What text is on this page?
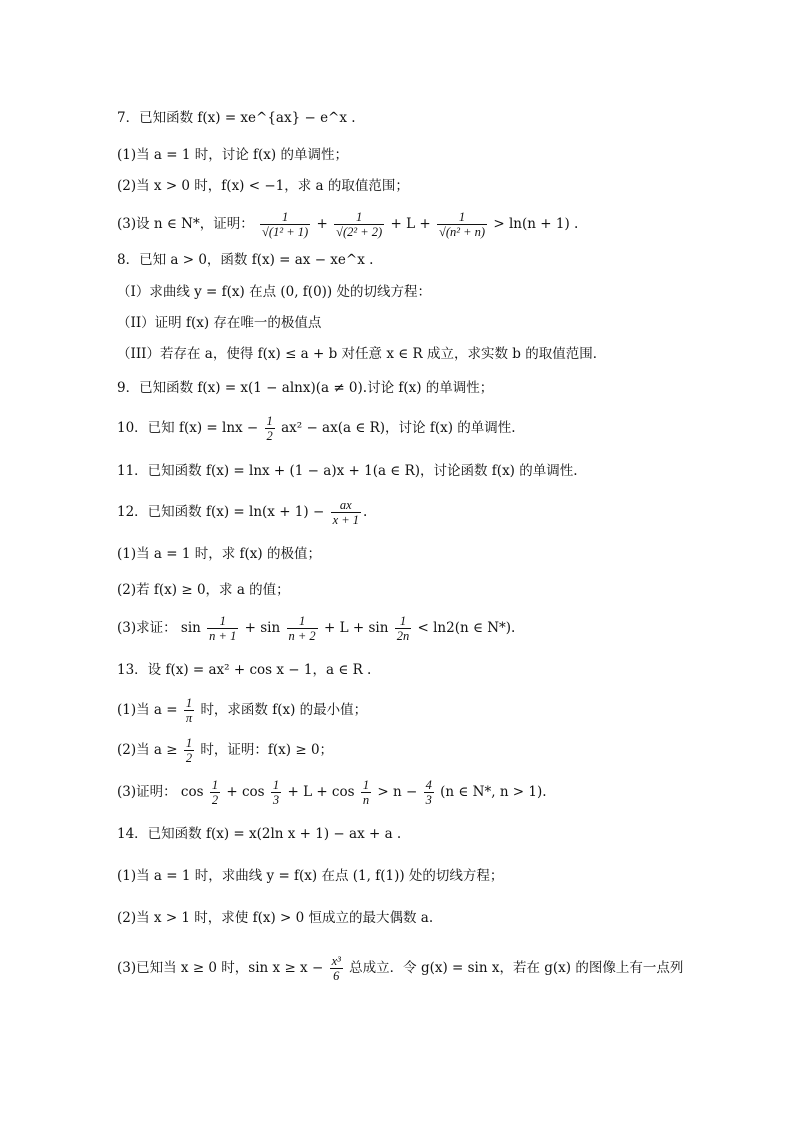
7．已知函数 f(x) = xe^{ax} − e^x .
(1)当 a = 1 时，讨论 f(x) 的单调性；
(2)当 x > 0 时，f(x) < −1，求 a 的取值范围；
(3)设 n ∈ N*，证明： $\frac{1}{\text{√(1² + 1)}} + \frac{1}{\text{√(2² + 2)}} + L + \frac{1}{\text{√(n² + n)}} > \ln(n + 1)$ .
8．已知 a > 0，函数 f(x) = ax − xe^x .
（I）求曲线 y = f(x) 在点 (0, f(0)) 处的切线方程：
（II）证明 f(x) 存在唯一的极值点
（III）若存在 a，使得 f(x) ≤ a + b 对任意 x ∈ R 成立，求实数 b 的取值范围．
9．已知函数 f(x) = x(1 − alnx)(a ≠ 0).讨论 f(x) 的单调性；
10．已知 $f(x) = \ln x - \frac{1}{2} ax^2 - ax(a$ ∈ R)，讨论 f(x) 的单调性.
11．已知函数 f(x) = lnx + (1 − a)x + 1(a ∈ R)，讨论函数 f(x) 的单调性.
12．已知函数 $f(x) = \ln(x + 1) - \frac{ax}{x + 1}$ .
(1)当 a = 1 时，求 f(x) 的极值；
(2)若 f(x) ≥ 0，求 a 的值；
(3)求证： $\sin \frac{1}{n + 1} + \sin \frac{1}{n + 2} + L + \sin \frac{1}{2n} < \ln 2(n$ ∈ N*).
13．设 f(x) = ax² + cos x − 1，a ∈ R .
(1)当 $a = \frac{1}{\pi}$ 时，求函数 f(x) 的最小值；
(2)当 $a \ge \frac{1}{2}$ 时，证明：f(x) ≥ 0；
(3)证明： $\cos \frac{1}{2} + \cos \frac{1}{3} + L + \cos \frac{1}{n} > n - \frac{4}{3} (n$ ∈ N*, n > 1).
14．已知函数 f(x) = x(2ln x + 1) − ax + a .
(1)当 a = 1 时，求曲线 y = f(x) 在点 (1, f(1)) 处的切线方程；
(2)当 x > 1 时，求使 f(x) > 0 恒成立的最大偶数 a.
(3)已知当 x ≥ 0 时，$\sin x \ge x - \frac{\text{x³}}{6}$ 总成立．令 g(x) = sin x，若在 g(x) 的图像上有一点列
